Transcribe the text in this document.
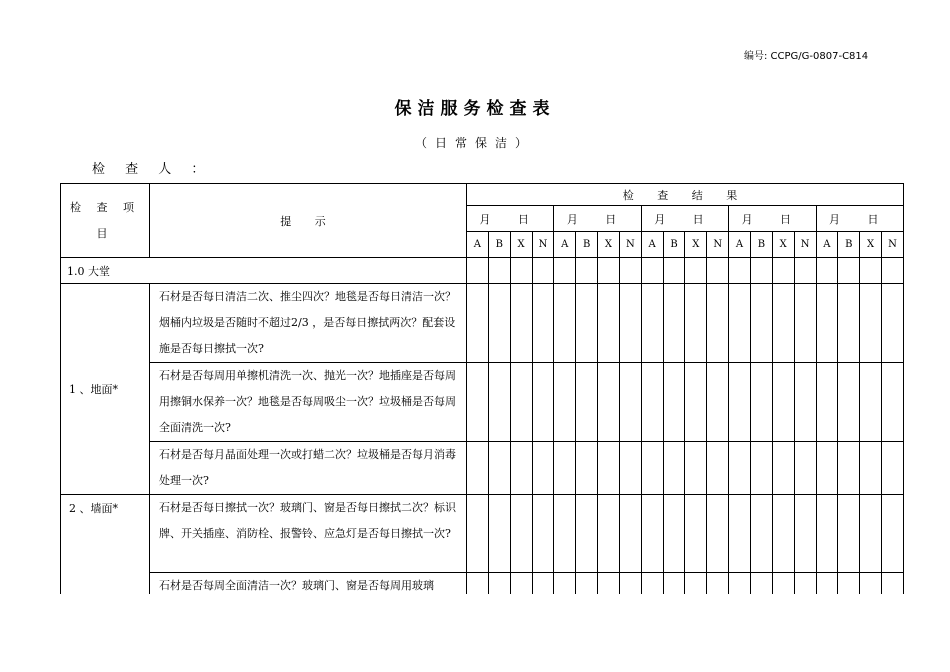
编号: CCPG/G-0807-C814
保洁服务检查表
（日常保洁）
检 查 人 ：
检 查 项 目	提 示	检 查 结 果																			
		月 日				月 日				月 日				月 日				月 日			
		A	B	X	N	A	B	X	N	A	B	X	N	A	B	X	N	A	B	X	N
1.0 大堂																					
1 、地面*	石材是否每日清洁二次、推尘四次？地毯是否每日清洁一次？烟桶内垃圾是否随时不超过2/3 ，是否每日擦拭两次？配套设施是否每日擦拭一次?																				
	石材是否每周用单擦机清洗一次、抛光一次？地插座是否每周用擦铜水保养一次？地毯是否每周吸尘一次？垃圾桶是否每周全面清洗一次?																				
	石材是否每月晶面处理一次或打蜡二次？垃圾桶是否每月消毒处理一次?																				
2 、墙面*	石材是否每日擦拭一次？玻璃门、窗是否每日擦拭二次？标识牌、开关插座、消防栓、报警铃、应急灯是否每日擦拭一次?																				
	石材是否每周全面清洁一次？玻璃门、窗是否每周用玻璃																				
